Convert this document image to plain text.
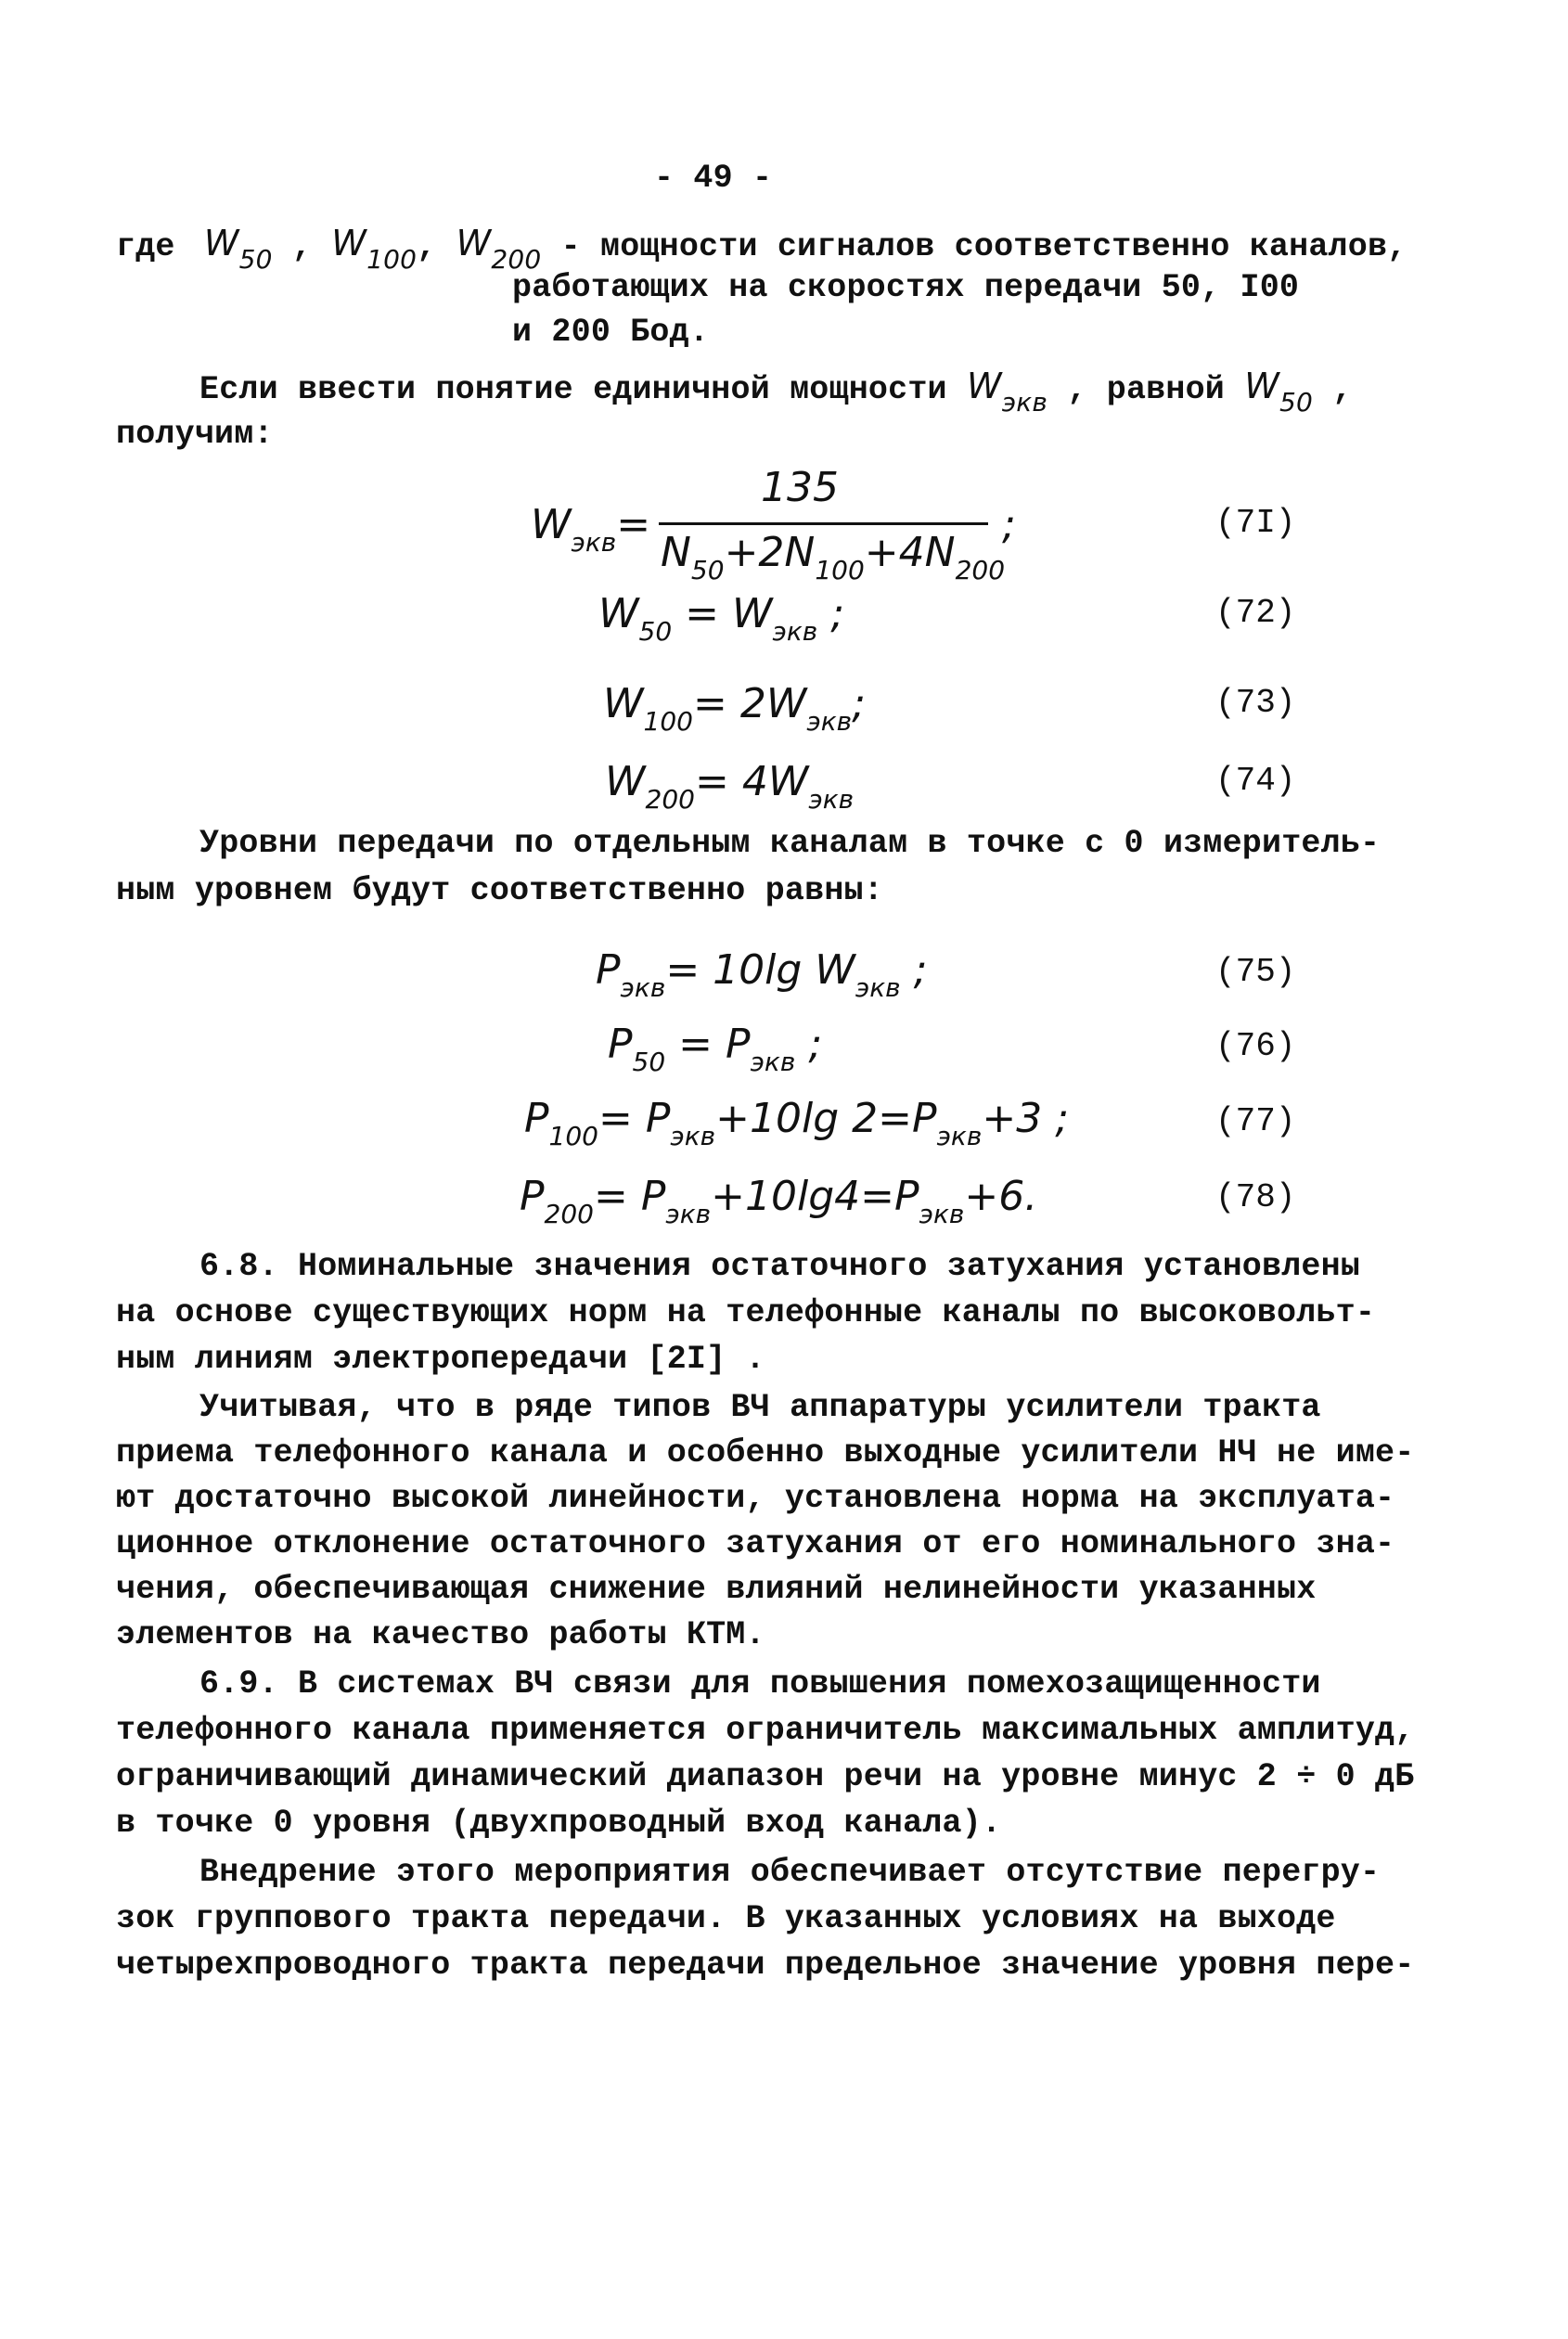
- 49 -
где $W_{50}$ , $W_{100}$, $W_{200}$ - мощности сигналов соответственно каналов,
работающих на скоростях передачи 50, I00
и 200 Бод.
Если ввести понятие единичной мощности $W_{экв}$ , равной $W_{50}$ ,
получим:
$W_{экв}=$
135
$N_{50}+2N_{100}+4N_{200}$
;	(7I)
$W_{50} = W_{экв}$ ;	(72)
$W_{100}= 2W_{экв}$;	(73)
$W_{200}= 4W_{экв}$	(74)
Уровни передачи по отдельным каналам в точке с 0 измеритель-
ным уровнем будут соответственно равны:
$P_{экв}= 10\lg$ $W_{экв}$ ;	(75)
$P_{50} = P_{экв}$ ;	(76)
$P_{100}= P_{экв}+10\lg$ $2=P_{экв}+3$ ;	(77)
$P_{200}= P_{экв}+10\lg 4=P_{экв}+6$.	(78)
6.8. Номинальные значения остаточного затухания установлены
на основе существующих норм на телефонные каналы по высоковольт-
ным линиям электропередачи [2I] .
Учитывая, что в ряде типов ВЧ аппаратуры усилители тракта
приема телефонного канала и особенно выходные усилители НЧ не име-
ют достаточно высокой линейности, установлена норма на эксплуата-
ционное отклонение остаточного затухания от его номинального зна-
чения, обеспечивающая снижение влияний нелинейности указанных
элементов на качество работы КТМ.
6.9. В системах ВЧ связи для повышения помехозащищенности
телефонного канала применяется ограничитель максимальных амплитуд,
ограничивающий динамический диапазон речи на уровне минус 2 ÷ 0 дБ
в точке 0 уровня (двухпроводный вход канала).
Внедрение этого мероприятия обеспечивает отсутствие перегру-
зок группового тракта передачи. В указанных условиях на выходе
четырехпроводного тракта передачи предельное значение уровня пере-
